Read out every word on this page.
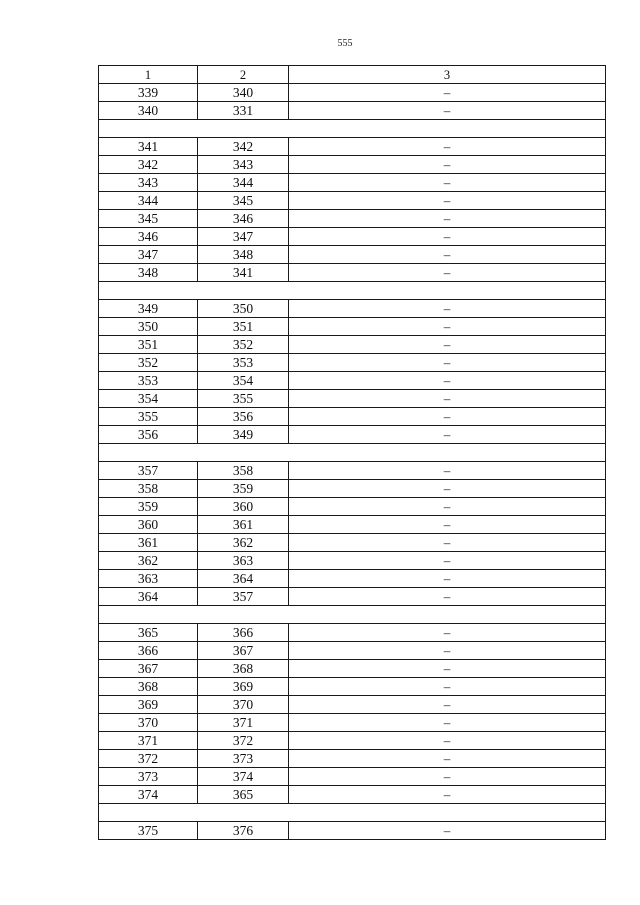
555
1	2	3
339	340	–
340	331	–

341	342	–
342	343	–
343	344	–
344	345	–
345	346	–
346	347	–
347	348	–
348	341	–

349	350	–
350	351	–
351	352	–
352	353	–
353	354	–
354	355	–
355	356	–
356	349	–

357	358	–
358	359	–
359	360	–
360	361	–
361	362	–
362	363	–
363	364	–
364	357	–

365	366	–
366	367	–
367	368	–
368	369	–
369	370	–
370	371	–
371	372	–
372	373	–
373	374	–
374	365	–

375	376	–
